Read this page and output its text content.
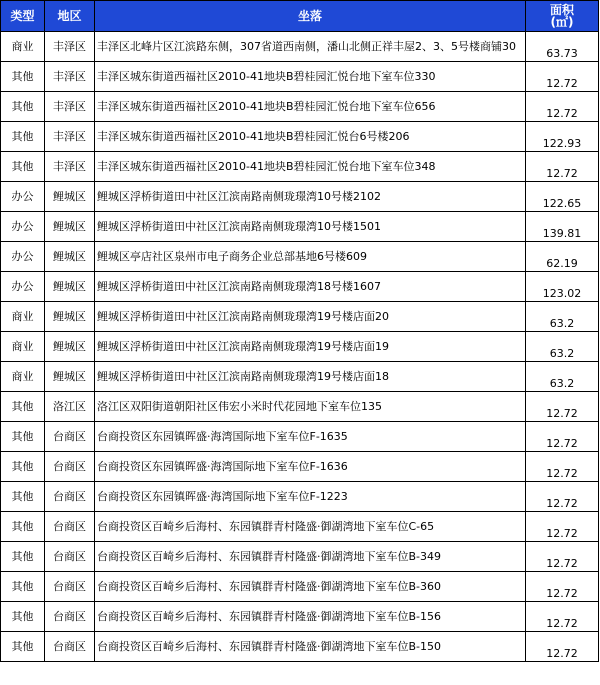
类型	地区	坐落	面积
(㎡)

商业	丰泽区	丰泽区北峰片区江滨路东侧，307省道西南侧，潘山北侧正祥丰屋2、3、5号楼商铺30	63.73
其他	丰泽区	丰泽区城东街道西福社区2010-41地块B碧桂园汇悦台地下室车位330	12.72
其他	丰泽区	丰泽区城东街道西福社区2010-41地块B碧桂园汇悦台地下室车位656	12.72
其他	丰泽区	丰泽区城东街道西福社区2010-41地块B碧桂园汇悦台6号楼206	122.93
其他	丰泽区	丰泽区城东街道西福社区2010-41地块B碧桂园汇悦台地下室车位348	12.72
办公	鲤城区	鲤城区浮桥街道田中社区江滨南路南侧珑璟湾10号楼2102	122.65
办公	鲤城区	鲤城区浮桥街道田中社区江滨南路南侧珑璟湾10号楼1501	139.81
办公	鲤城区	鲤城区亭店社区泉州市电子商务企业总部基地6号楼609	62.19
办公	鲤城区	鲤城区浮桥街道田中社区江滨南路南侧珑璟湾18号楼1607	123.02
商业	鲤城区	鲤城区浮桥街道田中社区江滨南路南侧珑璟湾19号楼店面20	63.2
商业	鲤城区	鲤城区浮桥街道田中社区江滨南路南侧珑璟湾19号楼店面19	63.2
商业	鲤城区	鲤城区浮桥街道田中社区江滨南路南侧珑璟湾19号楼店面18	63.2
其他	洛江区	洛江区双阳街道朝阳社区伟宏小米时代花园地下室车位135	12.72
其他	台商区	台商投资区东园镇晖盛·海湾国际地下室车位F-1635	12.72
其他	台商区	台商投资区东园镇晖盛·海湾国际地下室车位F-1636	12.72
其他	台商区	台商投资区东园镇晖盛·海湾国际地下室车位F-1223	12.72
其他	台商区	台商投资区百崎乡后海村、东园镇群青村隆盛·御湖湾地下室车位C-65	12.72
其他	台商区	台商投资区百崎乡后海村、东园镇群青村隆盛·御湖湾地下室车位B-349	12.72
其他	台商区	台商投资区百崎乡后海村、东园镇群青村隆盛·御湖湾地下室车位B-360	12.72
其他	台商区	台商投资区百崎乡后海村、东园镇群青村隆盛·御湖湾地下室车位B-156	12.72
其他	台商区	台商投资区百崎乡后海村、东园镇群青村隆盛·御湖湾地下室车位B-150	12.72
